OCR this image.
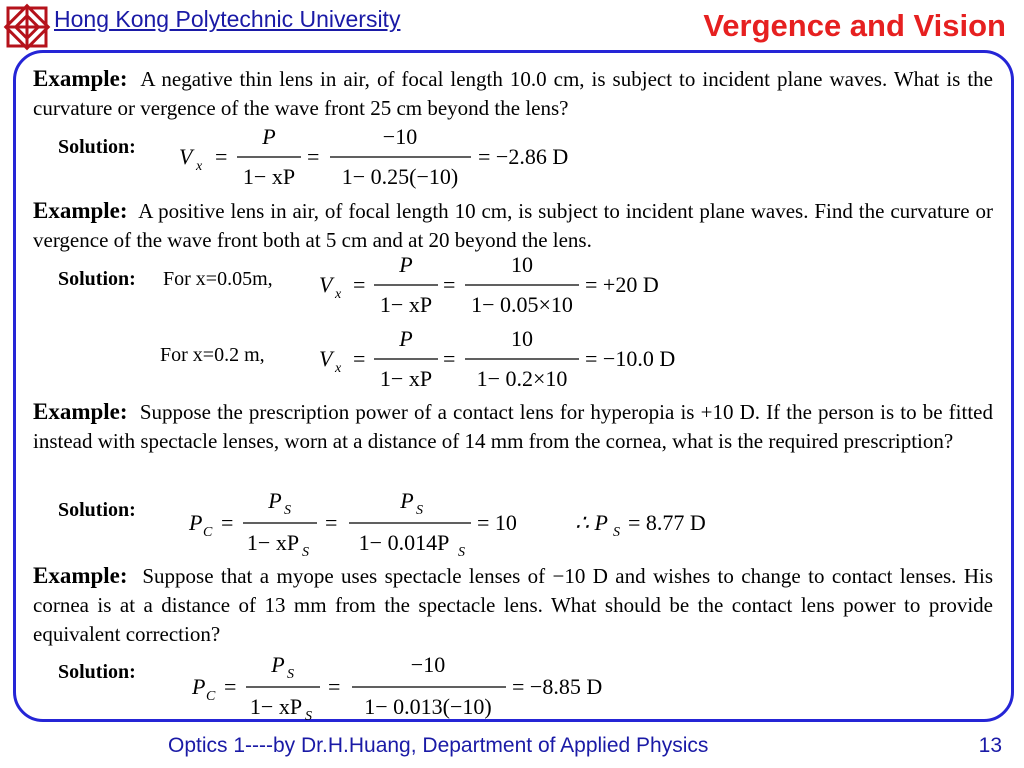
Hong Kong Polytechnic University	Vergence and Vision

Example: A negative thin lens in air, of focal length 10.0 cm, is subject to incident plane waves. What is the curvature or vergence of the wave front 25 cm beyond the lens?

Solution: V x =
P
1− xP
=
−10
1− 0.25(−10)
= −2.86 D

Example: A positive lens in air, of focal length 10 cm, is subject to incident plane waves. Find the curvature or vergence of the wave front both at 5 cm and at 20 beyond the lens.

Solution: For x=0.05m, V x =
P
1− xP
=
10
1− 0.05×10
= +20 D
For x=0.2 m, V x =
P
1− xP
=
10
1− 0.2×10
= −10.0 D

Example: Suppose the prescription power of a contact lens for hyperopia is +10 D. If the person is to be fitted instead with spectacle lenses, worn at a distance of 14 mm from the cornea, what is the required prescription?

Solution: P C =
P S
1− xP S
=
P S
1− 0.014P S
= 10	∴ P S = 8.77 D

Example: Suppose that a myope uses spectacle lenses of −10 D and wishes to change to contact lenses. His cornea is at a distance of 13 mm from the spectacle lens. What should be the contact lens power to provide equivalent correction?

Solution:
P C =
P S
1− xP S
=
−10
1− 0.013(−10)
= −8.85 D
Optics 1----by Dr.H.Huang, Department of Applied Physics	13
